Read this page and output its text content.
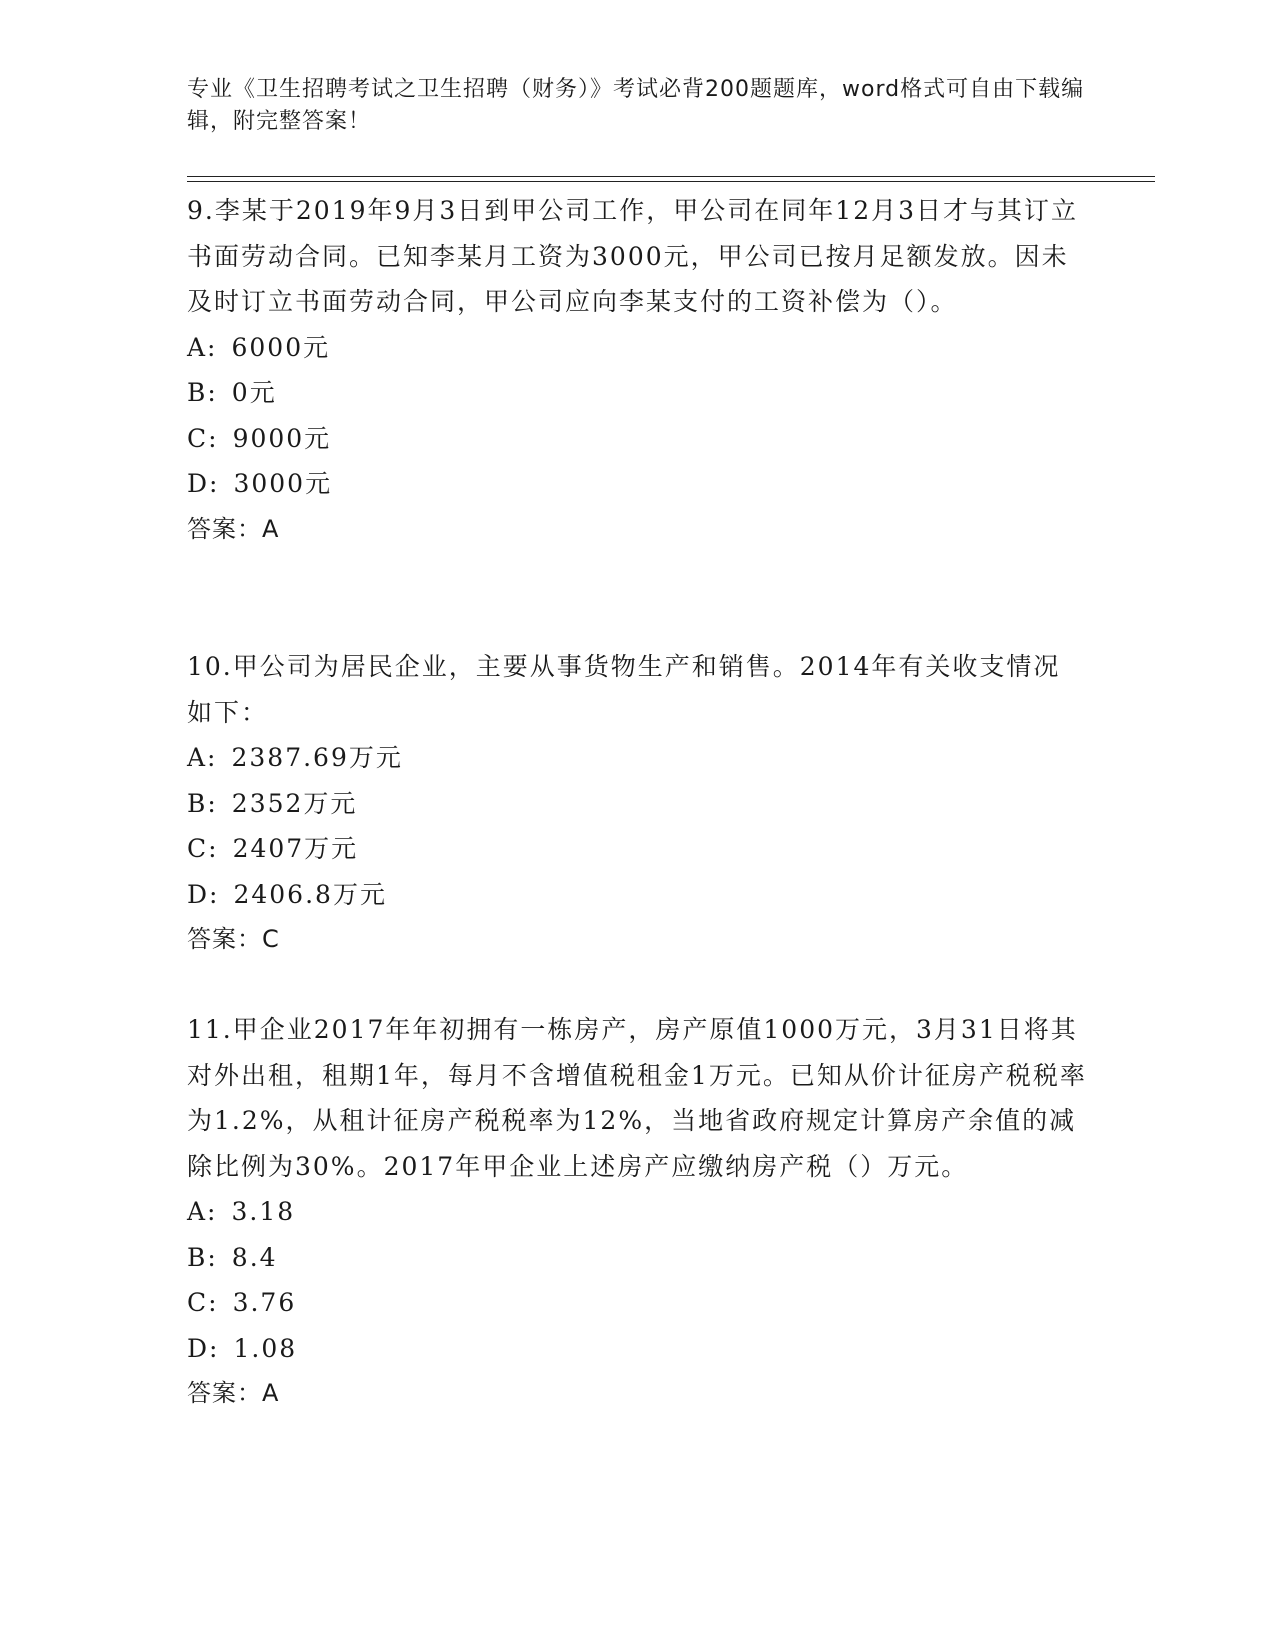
专业《卫生招聘考试之卫生招聘（财务）》考试必背200题题库，word格式可自由下载编辑，附完整答案！

9.李某于2019年9月3日到甲公司工作，甲公司在同年12月3日才与其订立书面劳动合同。已知李某月工资为3000元，甲公司已按月足额发放。因未及时订立书面劳动合同，甲公司应向李某支付的工资补偿为（）。

A: 6000元
B: 0元
C: 9000元
D: 3000元
答案：A

10.甲公司为居民企业，主要从事货物生产和销售。2014年有关收支情况如下：

A: 2387.69万元
B: 2352万元
C: 2407万元
D: 2406.8万元
答案：C

11.甲企业2017年年初拥有一栋房产，房产原值1000万元，3月31日将其对外出租，租期1年，每月不含增值税租金1万元。已知从价计征房产税税率为1.2%，从租计征房产税税率为12%，当地省政府规定计算房产余值的减除比例为30%。2017年甲企业上述房产应缴纳房产税（）万元。

A: 3.18
B: 8.4
C: 3.76
D: 1.08
答案：A
